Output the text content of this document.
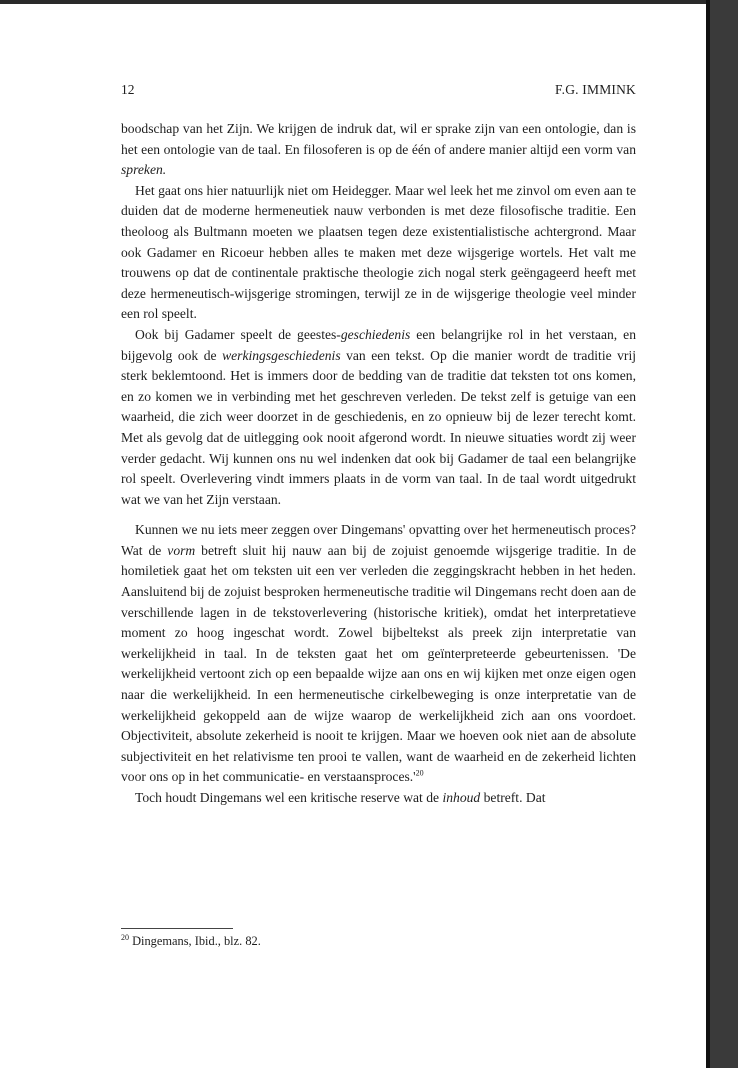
12	F.G. IMMINK

boodschap van het Zijn. We krijgen de indruk dat, wil er sprake zijn van een ontologie, dan is het een ontologie van de taal. En filosoferen is op de één of andere manier altijd een vorm van spreken.

Het gaat ons hier natuurlijk niet om Heidegger. Maar wel leek het me zinvol om even aan te duiden dat de moderne hermeneutiek nauw verbonden is met deze filosofische traditie. Een theoloog als Bultmann moeten we plaatsen tegen deze existentialistische achtergrond. Maar ook Gadamer en Ricoeur hebben alles te maken met deze wijsgerige wortels. Het valt me trouwens op dat de continentale praktische theologie zich nogal sterk geëngageerd heeft met deze hermeneutisch-wijsgerige stromingen, terwijl ze in de wijsgerige theologie veel minder een rol speelt.

Ook bij Gadamer speelt de geestes-geschiedenis een belangrijke rol in het verstaan, en bijgevolg ook de werkingsgeschiedenis van een tekst. Op die manier wordt de traditie vrij sterk beklemtoond. Het is immers door de bedding van de traditie dat teksten tot ons komen, en zo komen we in verbinding met het geschreven verleden. De tekst zelf is getuige van een waarheid, die zich weer doorzet in de geschiedenis, en zo opnieuw bij de lezer terecht komt. Met als gevolg dat de uitlegging ook nooit afgerond wordt. In nieuwe situaties wordt zij weer verder gedacht. Wij kunnen ons nu wel indenken dat ook bij Gadamer de taal een belangrijke rol speelt. Overlevering vindt immers plaats in de vorm van taal. In de taal wordt uitgedrukt wat we van het Zijn verstaan.

Kunnen we nu iets meer zeggen over Dingemans' opvatting over het hermeneutisch proces? Wat de vorm betreft sluit hij nauw aan bij de zojuist genoemde wijsgerige traditie. In de homiletiek gaat het om teksten uit een ver verleden die zeggingskracht hebben in het heden. Aansluitend bij de zojuist besproken hermeneutische traditie wil Dingemans recht doen aan de verschillende lagen in de tekstoverlevering (historische kritiek), omdat het interpretatieve moment zo hoog ingeschat wordt. Zowel bijbeltekst als preek zijn interpretatie van werkelijkheid in taal. In de teksten gaat het om geïnterpreteerde gebeurtenissen. 'De werkelijkheid vertoont zich op een bepaalde wijze aan ons en wij kijken met onze eigen ogen naar die werkelijkheid. In een hermeneutische cirkelbeweging is onze interpretatie van de werkelijkheid gekoppeld aan de wijze waarop de werkelijkheid zich aan ons voordoet. Objectiviteit, absolute zekerheid is nooit te krijgen. Maar we hoeven ook niet aan de absolute subjectiviteit en het relativisme ten prooi te vallen, want de waarheid en de zekerheid lichten voor ons op in het communicatie- en $verstaansproces.'^{20}$

Toch houdt Dingemans wel een kritische reserve wat de inhoud betreft. Dat

$^{20}$ Dingemans, Ibid., blz. 82.
